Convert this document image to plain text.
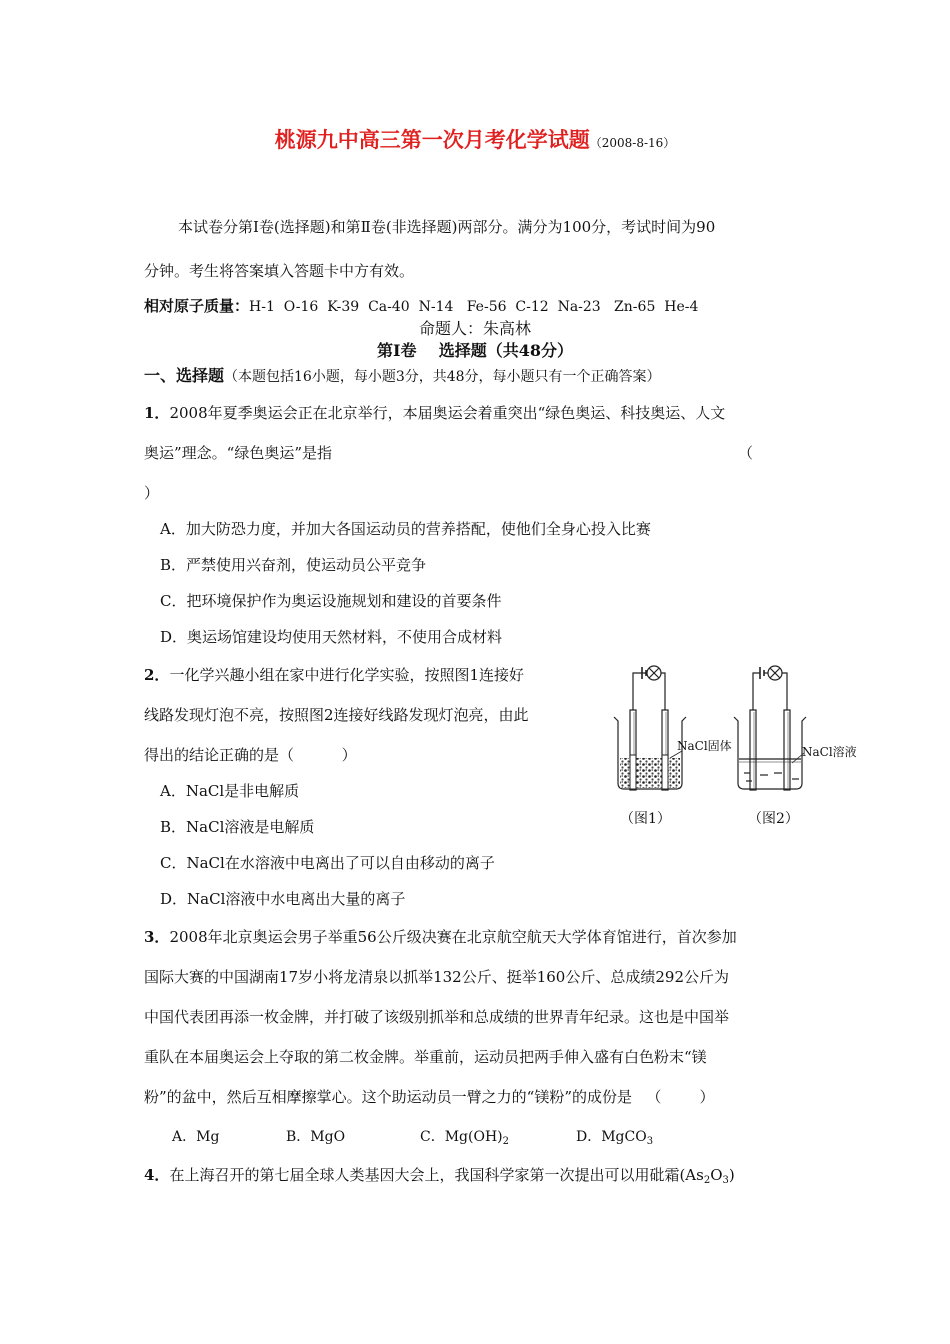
桃源九中高三第一次月考化学试题（2008-8-16）
本试卷分第Ⅰ卷(选择题)和第Ⅱ卷(非选择题)两部分。满分为100分，考试时间为90
分钟。考生将答案填入答题卡中方有效。
相对原子质量：H-1  O-16  K-39  Ca-40  N-14   Fe-56  C-12  Na-23   Zn-65  He-4
命题人：朱高林
第Ⅰ卷    选择题（共48分）
一、选择题（本题包括16小题，每小题3分，共48分，每小题只有一个正确答案）
1．2008年夏季奥运会正在北京举行，本届奥运会着重突出“绿色奥运、科技奥运、人文
奥运”理念。“绿色奥运”是指	（
）
A．加大防恐力度，并加大各国运动员的营养搭配，使他们全身心投入比赛
B．严禁使用兴奋剂，使运动员公平竞争
C．把环境保护作为奥运设施规划和建设的首要条件
D．奥运场馆建设均使用天然材料，不使用合成材料
2．一化学兴趣小组在家中进行化学实验，按照图1连接好
线路发现灯泡不亮，按照图2连接好线路发现灯泡亮，由此
得出的结论正确的是（          ）
A．NaCl是非电解质
B．NaCl溶液是电解质
C．NaCl在水溶液中电离出了可以自由移动的离子
D．NaCl溶液中水电离出大量的离子
NaCl固体	NaCl溶液
（图1）	（图2）
3．2008年北京奥运会男子举重56公斤级决赛在北京航空航天大学体育馆进行，首次参加
国际大赛的中国湖南17岁小将龙清泉以抓举132公斤、挺举160公斤、总成绩292公斤为
中国代表团再添一枚金牌，并打破了该级别抓举和总成绩的世界青年纪录。这也是中国举
重队在本届奥运会上夺取的第二枚金牌。举重前，运动员把两手伸入盛有白色粉末“镁
粉”的盆中，然后互相摩擦掌心。这个助运动员一臂之力的“镁粉”的成份是   （        ）
A．Mg	B．MgO	C．$Mg(OH)_2$	D．MgCO$_3$
4．在上海召开的第七届全球人类基因大会上，我国科学家第一次提出可以用砒霜$(As_2O_3)$
